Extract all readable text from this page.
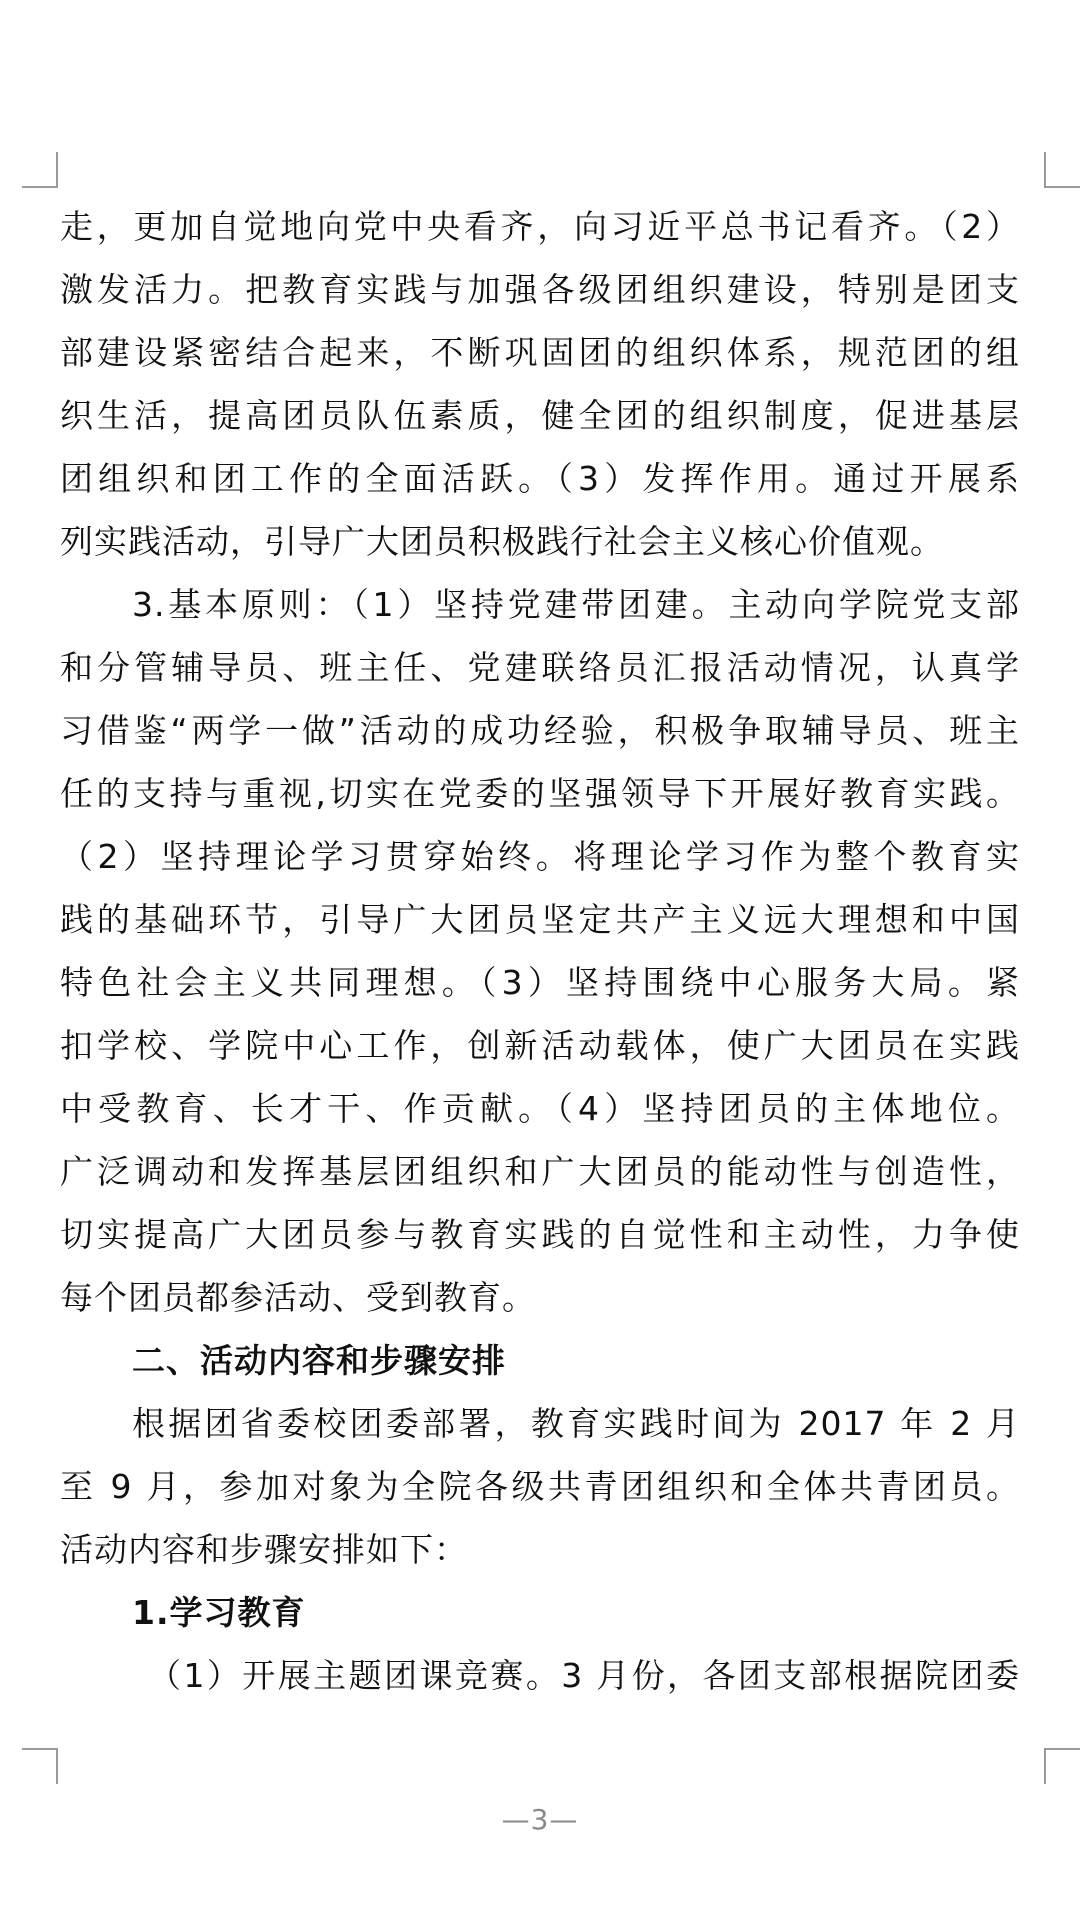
走，更加自觉地向党中央看齐，向习近平总书记看齐。（2）
激发活力。把教育实践与加强各级团组织建设，特别是团支
部建设紧密结合起来，不断巩固团的组织体系，规范团的组
织生活，提高团员队伍素质，健全团的组织制度，促进基层
团组织和团工作的全面活跃。（3）发挥作用。通过开展系
列实践活动，引导广大团员积极践行社会主义核心价值观。
3.基本原则：（1）坚持党建带团建。主动向学院党支部
和分管辅导员、班主任、党建联络员汇报活动情况，认真学
习借鉴“两学一做”活动的成功经验，积极争取辅导员、班主
任的支持与重视,切实在党委的坚强领导下开展好教育实践。
（2）坚持理论学习贯穿始终。将理论学习作为整个教育实
践的基础环节，引导广大团员坚定共产主义远大理想和中国
特色社会主义共同理想。（3）坚持围绕中心服务大局。紧
扣学校、学院中心工作，创新活动载体，使广大团员在实践
中受教育、长才干、作贡献。（4）坚持团员的主体地位。
广泛调动和发挥基层团组织和广大团员的能动性与创造性，
切实提高广大团员参与教育实践的自觉性和主动性，力争使
每个团员都参活动、受到教育。
二、活动内容和步骤安排
根据团省委校团委部署，教育实践时间为 2017 年 2 月
至 9 月，参加对象为全院各级共青团组织和全体共青团员。
活动内容和步骤安排如下：
1.学习教育
（1）开展主题团课竞赛。3 月份，各团支部根据院团委
—3—
